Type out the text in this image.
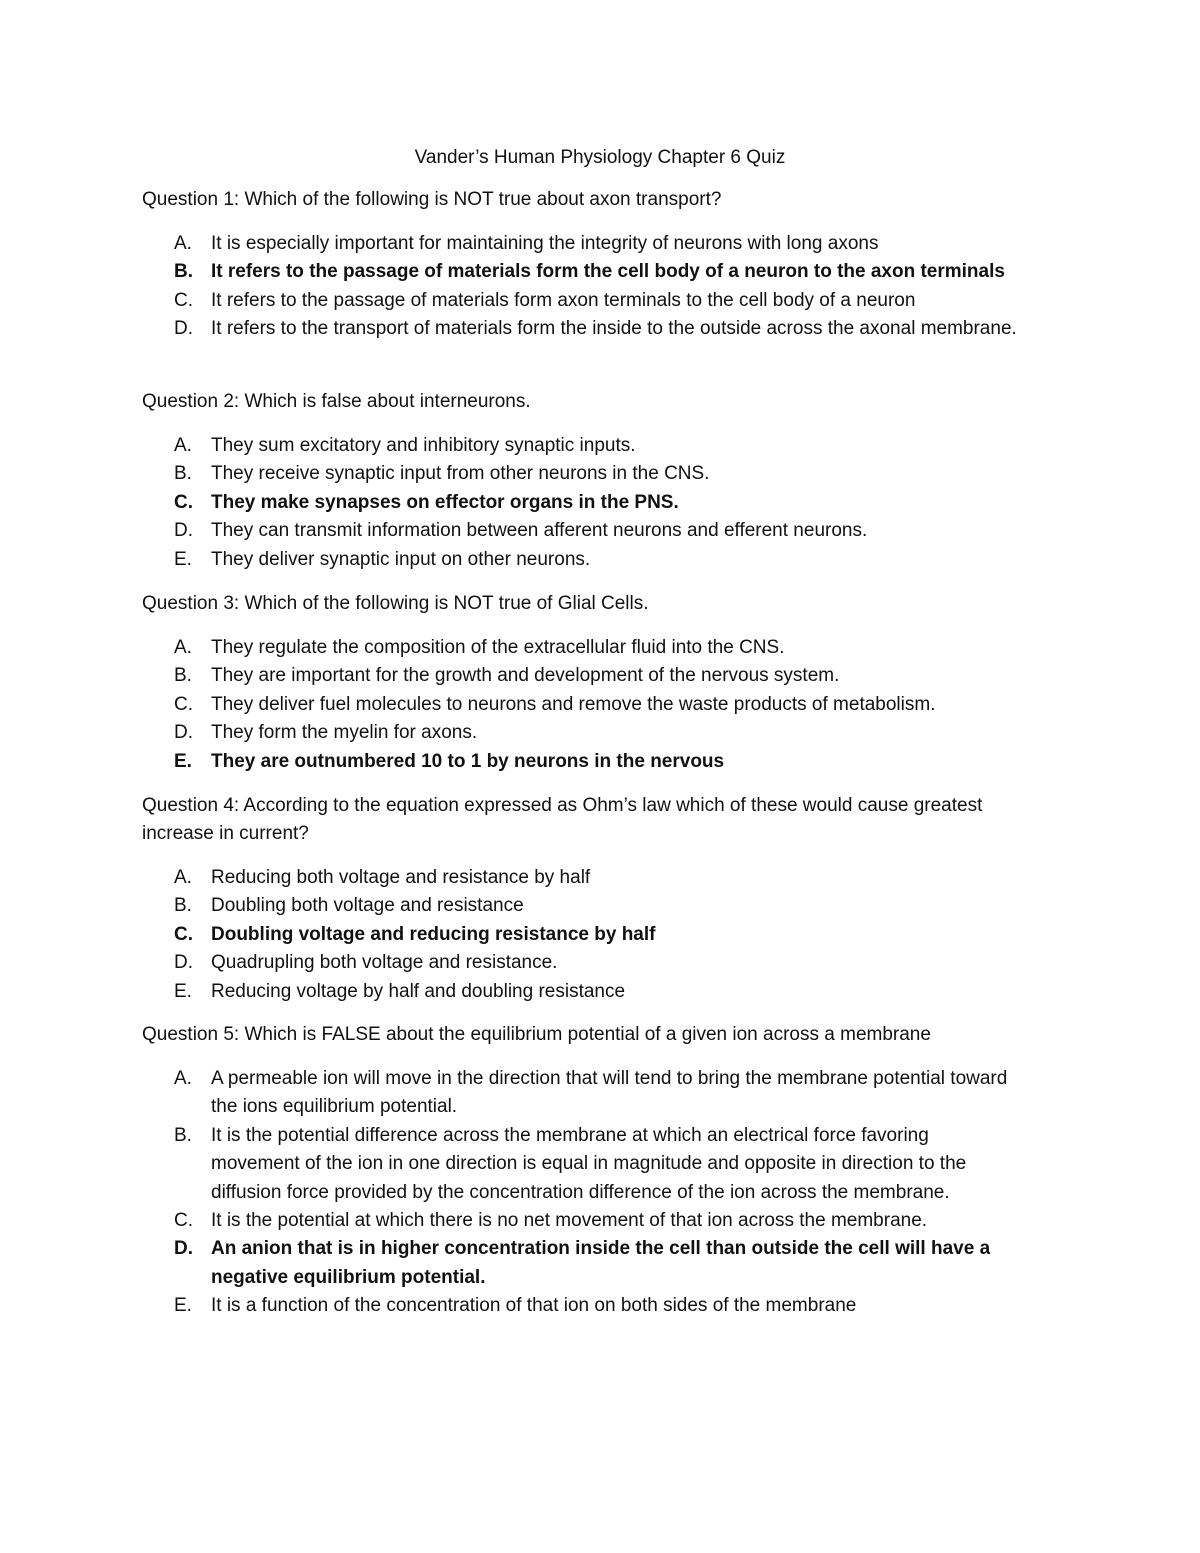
Vander’s Human Physiology Chapter 6 Quiz

Question 1: Which of the following is NOT true about axon transport?

A. It is especially important for maintaining the integrity of neurons with long axons
B. It refers to the passage of materials form the cell body of a neuron to the axon terminals
C. It refers to the passage of materials form axon terminals to the cell body of a neuron
D. It refers to the transport of materials form the inside to the outside across the axonal membrane.

Question 2: Which is false about interneurons.

A. They sum excitatory and inhibitory synaptic inputs.
B. They receive synaptic input from other neurons in the CNS.
C. They make synapses on effector organs in the PNS.
D. They can transmit information between afferent neurons and efferent neurons.
E. They deliver synaptic input on other neurons.

Question 3: Which of the following is NOT true of Glial Cells.

A. They regulate the composition of the extracellular fluid into the CNS.
B. They are important for the growth and development of the nervous system.
C. They deliver fuel molecules to neurons and remove the waste products of metabolism.
D. They form the myelin for axons.
E. They are outnumbered 10 to 1 by neurons in the nervous

Question 4: According to the equation expressed as Ohm’s law which of these would cause greatest increase in current?

A. Reducing both voltage and resistance by half
B. Doubling both voltage and resistance
C. Doubling voltage and reducing resistance by half
D. Quadrupling both voltage and resistance.
E. Reducing voltage by half and doubling resistance

Question 5: Which is FALSE about the equilibrium potential of a given ion across a membrane

A. A permeable ion will move in the direction that will tend to bring the membrane potential toward the ions equilibrium potential.
B. It is the potential difference across the membrane at which an electrical force favoring movement of the ion in one direction is equal in magnitude and opposite in direction to the diffusion force provided by the concentration difference of the ion across the membrane.
C. It is the potential at which there is no net movement of that ion across the membrane.
D. An anion that is in higher concentration inside the cell than outside the cell will have a negative equilibrium potential.
E. It is a function of the concentration of that ion on both sides of the membrane
